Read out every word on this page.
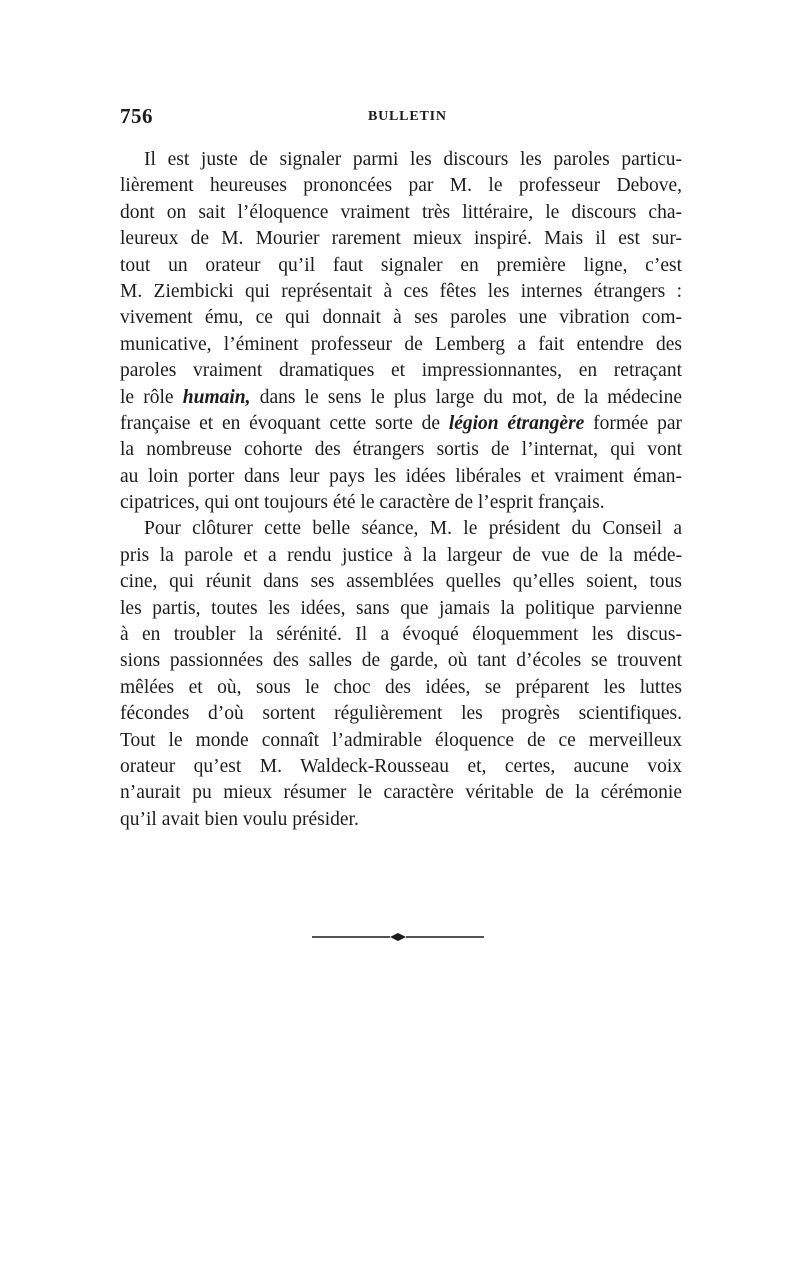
756	BULLETIN
Il est juste de signaler parmi les discours les paroles particu-
lièrement heureuses prononcées par M. le professeur Debove,
dont on sait l’éloquence vraiment très littéraire, le discours cha-
leureux de M. Mourier rarement mieux inspiré. Mais il est sur-
tout un orateur qu’il faut signaler en première ligne, c’est
M. Ziembicki qui représentait à ces fêtes les internes étrangers :
vivement ému, ce qui donnait à ses paroles une vibration com-
municative, l’éminent professeur de Lemberg a fait entendre des
paroles vraiment dramatiques et impressionnantes, en retraçant
le rôle humain, dans le sens le plus large du mot, de la médecine
française et en évoquant cette sorte de légion étrangère formée par
la nombreuse cohorte des étrangers sortis de l’internat, qui vont
au loin porter dans leur pays les idées libérales et vraiment éman-
cipatrices, qui ont toujours été le caractère de l’esprit français.
Pour clôturer cette belle séance, M. le président du Conseil a
pris la parole et a rendu justice à la largeur de vue de la méde-
cine, qui réunit dans ses assemblées quelles qu’elles soient, tous
les partis, toutes les idées, sans que jamais la politique parvienne
à en troubler la sérénité. Il a évoqué éloquemment les discus-
sions passionnées des salles de garde, où tant d’écoles se trouvent
mêlées et où, sous le choc des idées, se préparent les luttes
fécondes d’où sortent régulièrement les progrès scientifiques.
Tout le monde connaît l’admirable éloquence de ce merveilleux
orateur qu’est M. Waldeck-Rousseau et, certes, aucune voix
n’aurait pu mieux résumer le caractère véritable de la cérémonie
qu’il avait bien voulu présider.
